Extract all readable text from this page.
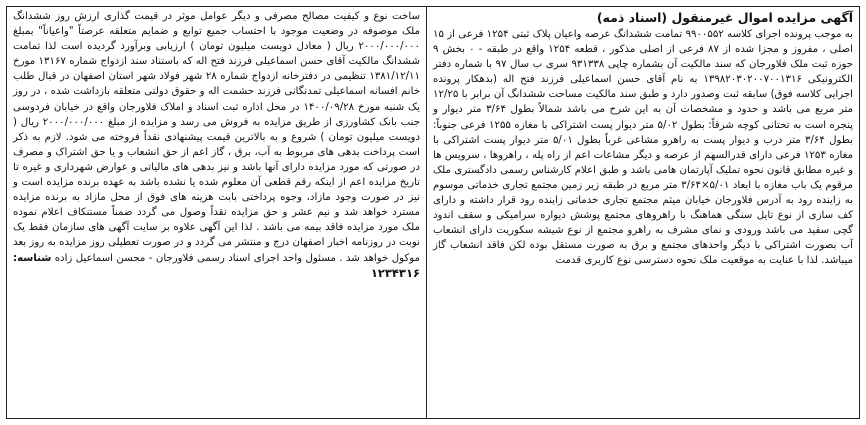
آگهی مزایده اموال غیرمنقول (اسناد ذمه)

به موجب پرونده اجرای کلاسه ۹۹۰۰۵۵۲ تمامت ششدانگ عرصه واعیان پلاک ثبتی ۱۲۵۴ فرعی از ۱۵ اصلی ، مفروز و مجزا شده از ۸۷ فرعی از اصلی مذکور ، قطعه ۱۲۵۴ واقع در طبقه - ۰ بخش ۹ حوزه ثبت ملک فلاورجان که سند مالکیت آن بشماره چاپی ۹۳۱۳۳۸ سری ب سال ۹۷ با شماره دفتر الکترونیکی ۱۳۹۸۲۰۳۰۲۰۰۷۰۰۱۳۱۶ به نام آقای حسن اسماعیلی فرزند فتح اله (بدهکار پرونده اجرایی کلاسه فوق) سابقه ثبت وصدور دارد و طبق سند مالکیت مساحت ششدانگ آن برابر با ۱۲/۲۵ متر مربع می باشد و حدود و مشخصات آن به این شرح می باشد شمالاً بطول ۳/۶۴ متر دیوار و پنجره است به تحتانی کوچه شرقاً: بطول ۵/۰۲ متر دیوار پست اشتراکی با مغازه ۱۲۵۵ فرعی جنوباً: بطول ۳/۶۴ متر درب و دیوار پست به راهرو مشاعی غرباً بطول ۵/۰۱ متر دیوار پست اشتراکی با مغازه ۱۲۵۳ فرعی دارای قدرالسهم از عرصه و دیگر مشاعات اعم از راه پله ، راهروها ، سرویس ها و غیره مطابق قانون نحوه تملیک آپارتمان هامی باشد و طبق اعلام کارشناس رسمی دادگستری ملک مرقوم یک باب مغازه با ابعاد ۵/۰۱×۳/۶۴ متر مربع در طبقه زیر زمین مجتمع تجاری خدماتی موسوم به زاینده رود به آدرس فلاورجان خیابان میثم مجتمع تجاری خدماتی زاینده رود قرار داشته و دارای کف سازی از نوع تایل سنگی هماهنگ با راهروهای مجتمع پوشش دیواره سرامیکی و سقف اندود گچی سفید می باشد ورودی و نمای مشرف به راهرو مجتمع از نوع شیشه سکوریت دارای انشعاب آب بصورت اشتراکی با دیگر واحدهای مجتمع و برق به صورت مستقل بوده لکن فاقد انشعاب گاز میباشد. لذا با عنایت به موقعیت ملک نحوه دسترسی نوع کاربری قدمت

ساخت نوع و کیفیت مصالح مصرفی و دیگر عوامل موثر در قیمت گذاری ارزش روز ششدانگ ملک موصوفه در وضعیت موجود با احتساب جمیع توابع و ضمایم متعلقه عرصتاً "واعیاناً" بمبلغ ۲۰۰۰/۰۰۰/۰۰۰ ریال ( معادل دویست میلیون تومان ) ارزیابی وبرآورد گردیده است لذا تمامت ششدانگ مالکیت آقای حسن اسماعیلی فرزند فتح اله که باستناد سند ازدواج شماره ۱۳۱۶۷ مورخ ۱۳۸۱/۱۲/۱۱ تنظیمی در دفترخانه ازدواج شماره ۲۸ شهر فولاد شهر استان اصفهان در قبال طلب خانم افسانه اسماعیلی تمدنگانی فرزند حشمت اله و حقوق دولتی متعلقه بازداشت شده ، در روز یک شنبه مورخ ۱۴۰۰/۰۹/۲۸ در محل اداره ثبت اسناد و املاک فلاورجان واقع در خیابان فردوسی جنب بانک کشاورزی از طریق مزایده به فروش می رسد و مزایده از مبلغ ۲۰۰۰/۰۰۰/۰۰۰ ریال ( دویست میلیون تومان ) شروع و به بالاترین قیمت پیشنهادی نقداً فروخته می شود. لازم به ذکر است پرداخت بدهی های مربوط به آب، برق ، گاز اعم از حق انشعاب و یا حق اشتراک و مصرف در صورتی که مورد مزایده دارای آنها باشد و نیز بدهی های مالیاتی و عوارض شهرداری و غیره تا تاریخ مزایده اعم از اینکه رقم قطعی آن معلوم شده یا نشده باشد به عهده برنده مزایده است و نیز در صورت وجود مازاد، وجوه پرداختی بابت هزینه های فوق از محل مازاد به برنده مزایده مسترد خواهد شد و نیم عشر و حق مزایده نقداً وصول می گردد ضمناً مستنکاف اعلام نموده ملک مورد مزایده فاقد بیمه می باشد . لذا این آگهی علاوه بر سایت آگهی های سازمان فقط یک نوبت در روزنامه اخبار اصفهان درج و منتشر می گردد و در صورت تعطیلی روز مزایده به روز بعد موکول خواهد شد . مسئول واحد اجرای اسناد رسمی فلاورجان - محسن اسماعیل زاده شناسه: ۱۲۳۴۳۱۶
